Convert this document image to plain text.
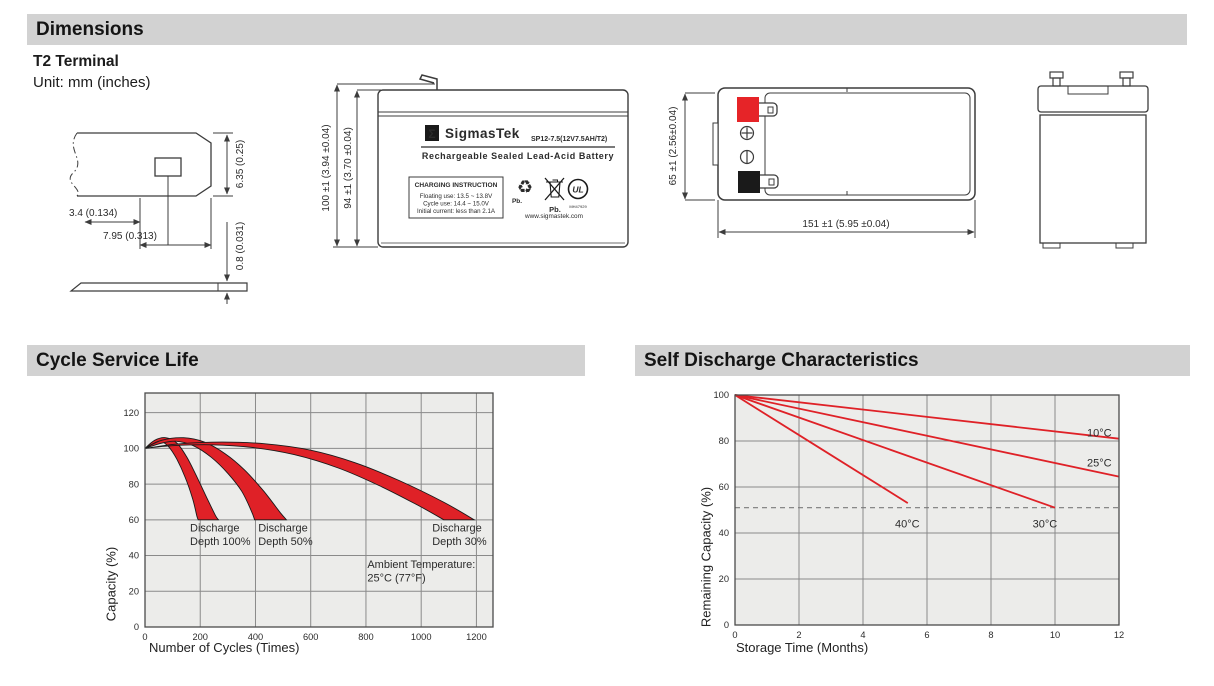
Dimensions
T2 Terminal
Unit: mm (inches)
3.4 (0.134)
7.95 (0.313)
6.35 (0.25)
0.8 (0.031)
100 ±1 (3.94 ±0.04) 94 ±1 (3.70 ±0.04)	Σ SigmasTek SP12-7.5(12V7.5AH/T2)
Rechargeable Sealed Lead-Acid Battery
CHARGING INSTRUCTION
Floating use: 13.5 ~ 13.8V
Cycle use: 14.4 ~ 15.0V
Initial current: less than 2.1A
♻
Pb.
Pb.
UL
MH47929
www.sigmastek.com
65 ±1 (2.56±0.04)
151 ±1 (5.95 ±0.04)
Cycle Service Life	Self Discharge Characteristics
Discharge
Depth 100%
Discharge
Depth 50%
Discharge
Depth 30%
Ambient Temperature:
25°C (77°F)
0
20
40
60
80
100
120
0	200	400	600	800	1000	1200
10°C
25°C
30°C
40°C
0
20
40
60
80
100
0	2	4	6	8	10	12
Capacity (%)
Number of Cycles (Times)
Remaining Capacity (%)
Storage Time (Months)
